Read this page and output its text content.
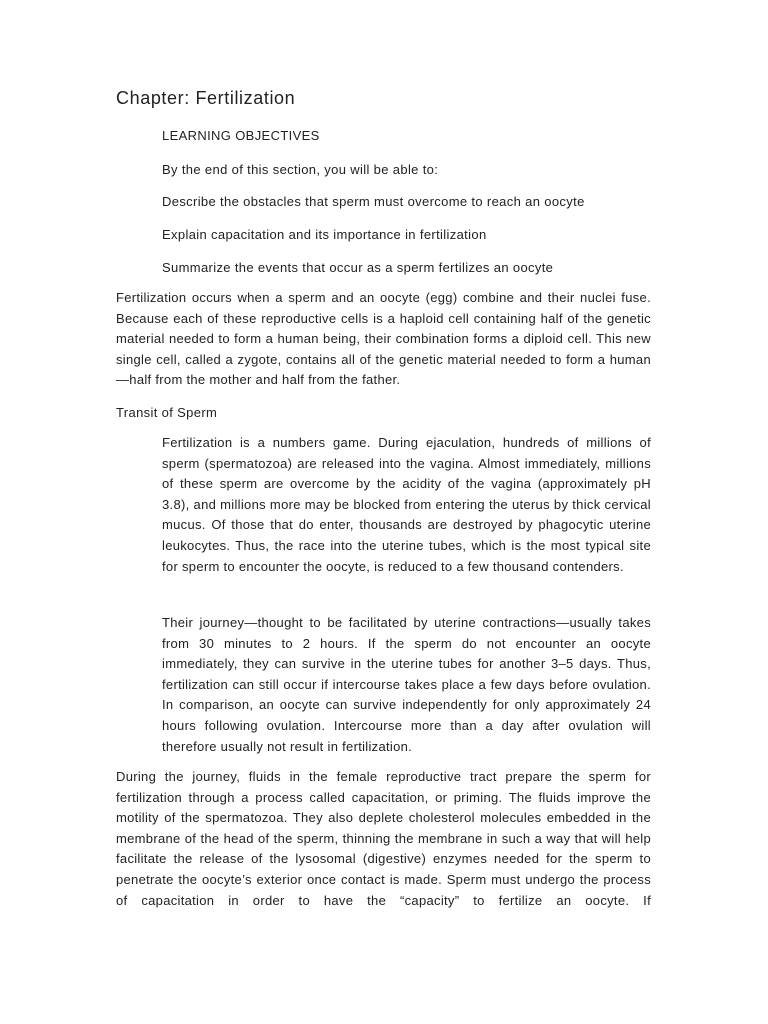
Chapter: Fertilization

LEARNING OBJECTIVES

By the end of this section, you will be able to:

Describe the obstacles that sperm must overcome to reach an oocyte

Explain capacitation and its importance in fertilization

Summarize the events that occur as a sperm fertilizes an oocyte

Fertilization occurs when a sperm and an oocyte (egg) combine and their nuclei fuse. Because each of these reproductive cells is a haploid cell containing half of the genetic material needed to form a human being, their combination forms a diploid cell. This new single cell, called a zygote, contains all of the genetic material needed to form a human—half from the mother and half from the father.

Transit of Sperm

Fertilization is a numbers game. During ejaculation, hundreds of millions of sperm (spermatozoa) are released into the vagina. Almost immediately, millions of these sperm are overcome by the acidity of the vagina (approximately pH 3.8), and millions more may be blocked from entering the uterus by thick cervical mucus. Of those that do enter, thousands are destroyed by phagocytic uterine leukocytes. Thus, the race into the uterine tubes, which is the most typical site for sperm to encounter the oocyte, is reduced to a few thousand contenders.

Their journey—thought to be facilitated by uterine contractions—usually takes from 30 minutes to 2 hours. If the sperm do not encounter an oocyte immediately, they can survive in the uterine tubes for another 3–5 days. Thus, fertilization can still occur if intercourse takes place a few days before ovulation. In comparison, an oocyte can survive independently for only approximately 24 hours following ovulation. Intercourse more than a day after ovulation will therefore usually not result in fertilization.

During the journey, fluids in the female reproductive tract prepare the sperm for fertilization through a process called capacitation, or priming. The fluids improve the motility of the spermatozoa. They also deplete cholesterol molecules embedded in the membrane of the head of the sperm, thinning the membrane in such a way that will help facilitate the release of the lysosomal (digestive) enzymes needed for the sperm to penetrate the oocyte’s exterior once contact is made. Sperm must undergo the process of capacitation in order to have the “capacity” to fertilize an oocyte. If
